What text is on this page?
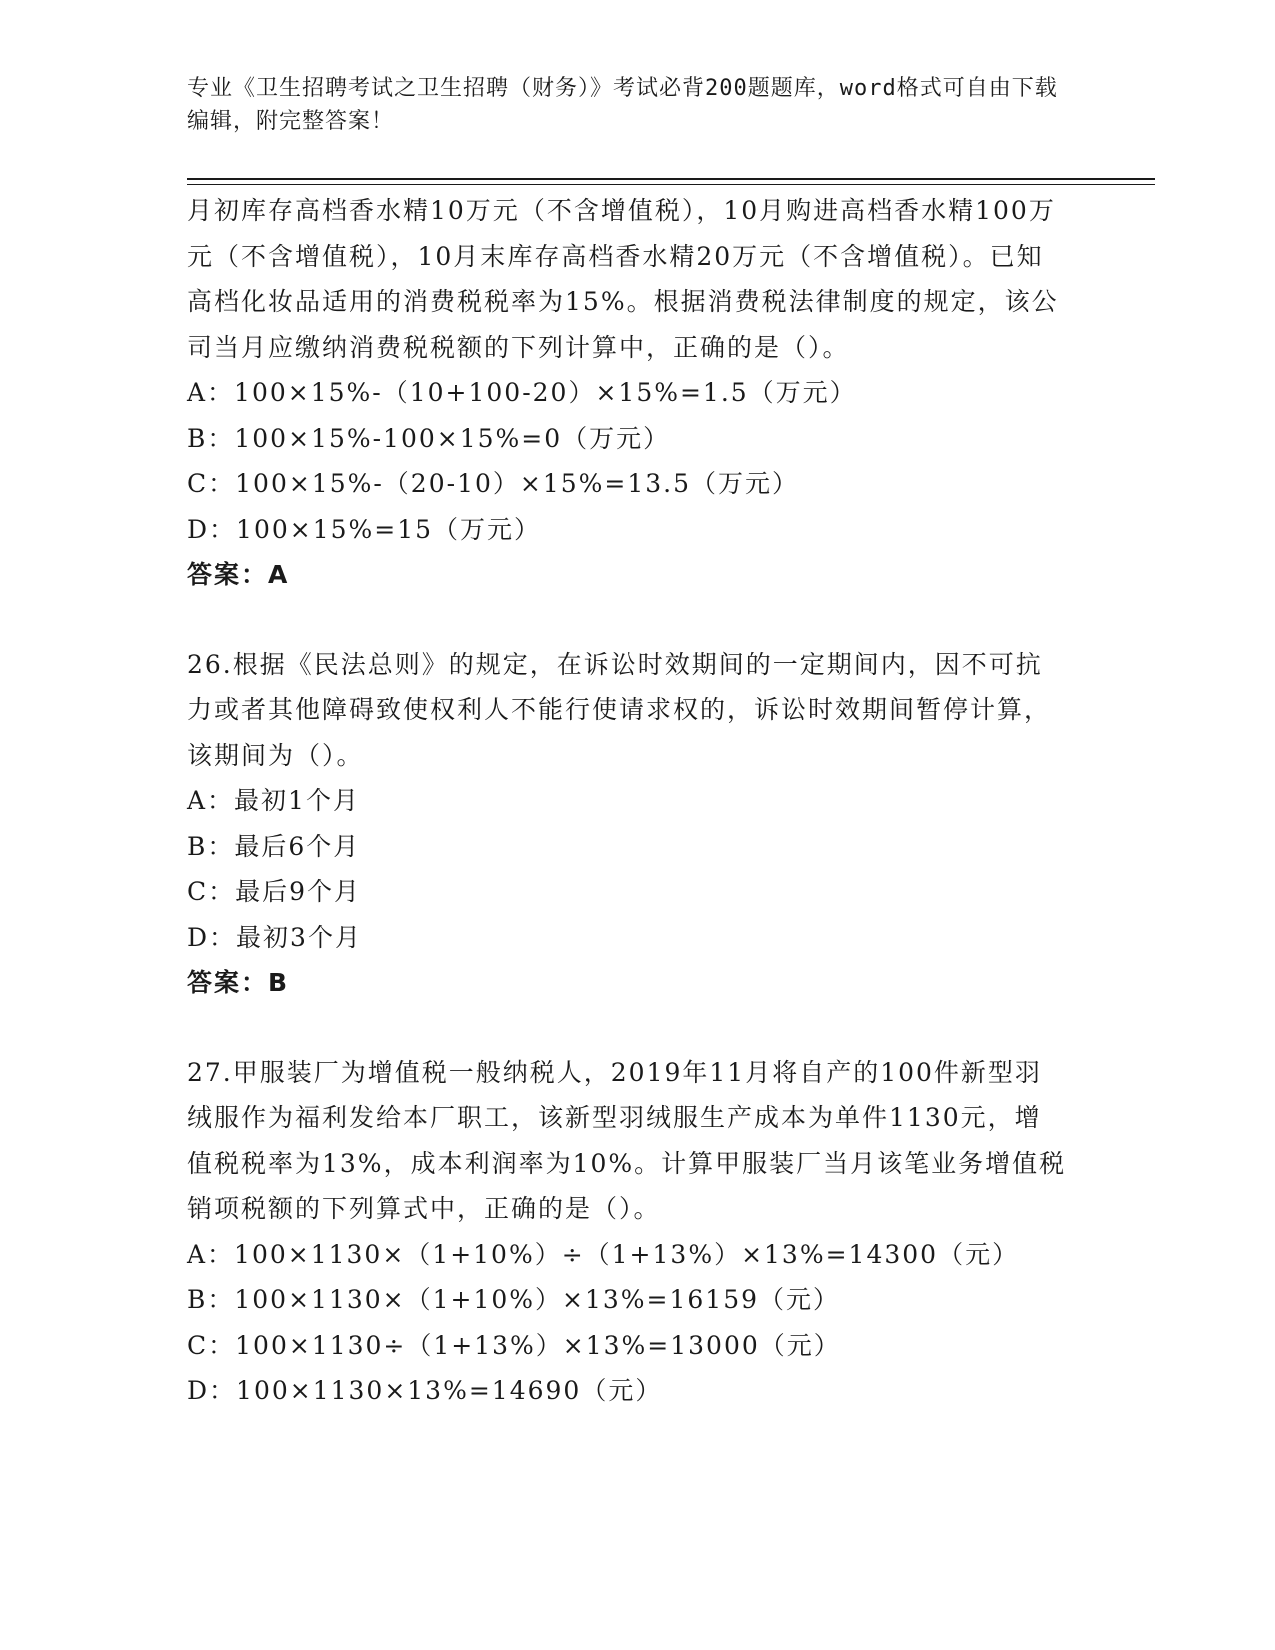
专业《卫生招聘考试之卫生招聘（财务）》考试必背200题题库，word格式可自由下载编辑，附完整答案！

月初库存高档香水精10万元（不含增值税），10月购进高档香水精100万元（不含增值税），10月末库存高档香水精20万元（不含增值税）。已知高档化妆品适用的消费税税率为15%。根据消费税法律制度的规定，该公司当月应缴纳消费税税额的下列计算中，正确的是（）。

A：100×15%-（10+100-20）×15%=1.5（万元）

B：100×15%-100×15%=0（万元）

C：100×15%-（20-10）×15%=13.5（万元）

D：100×15%=15（万元）

答案：A

26.根据《民法总则》的规定，在诉讼时效期间的一定期间内，因不可抗力或者其他障碍致使权利人不能行使请求权的，诉讼时效期间暂停计算，该期间为（）。

A：最初1个月

B：最后6个月

C：最后9个月

D：最初3个月

答案：B

27.甲服装厂为增值税一般纳税人，2019年11月将自产的100件新型羽绒服作为福利发给本厂职工，该新型羽绒服生产成本为单件1130元，增值税税率为13%，成本利润率为10%。计算甲服装厂当月该笔业务增值税销项税额的下列算式中，正确的是（）。

A：100×1130×（1+10%）÷（1+13%）×13%=14300（元）

B：100×1130×（1+10%）×13%=16159（元）

C：100×1130÷（1+13%）×13%=13000（元）

D：100×1130×13%=14690（元）
